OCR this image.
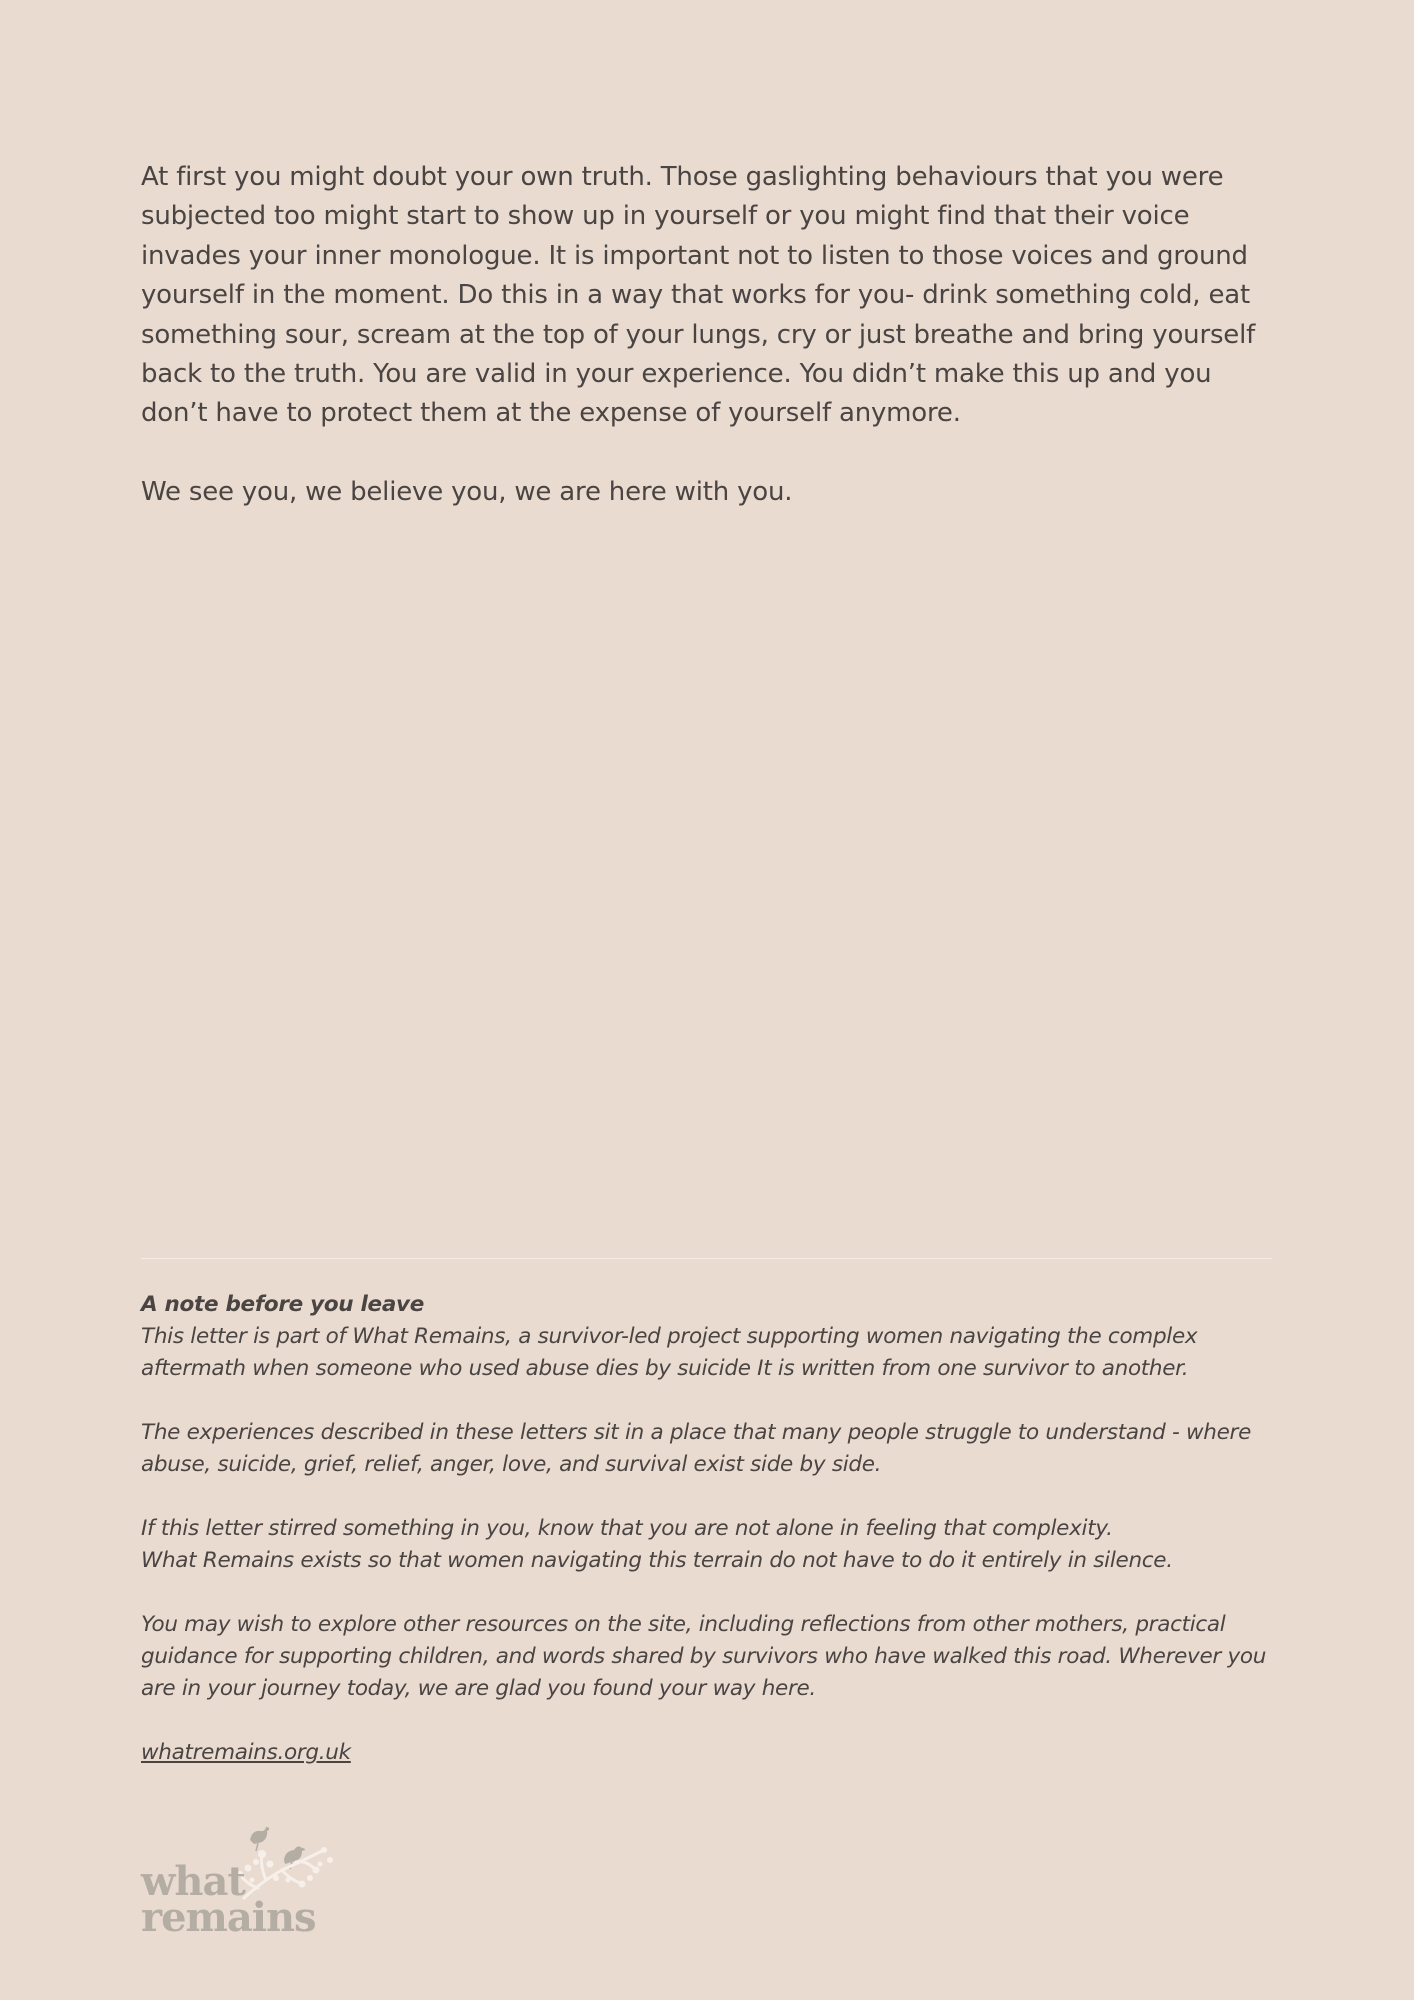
At first you might doubt your own truth. Those gaslighting behaviours that you were subjected too might start to show up in yourself or you might find that their voice invades your inner monologue. It is important not to listen to those voices and ground yourself in the moment. Do this in a way that works for you- drink something cold, eat something sour, scream at the top of your lungs, cry or just breathe and bring yourself back to the truth. You are valid in your experience. You didn’t make this up and you don’t have to protect them at the expense of yourself anymore.

We see you, we believe you, we are here with you.

A note before you leave

This letter is part of What Remains, a survivor-led project supporting women navigating the complex aftermath when someone who used abuse dies by suicide It is written from one survivor to another.

The experiences described in these letters sit in a place that many people struggle to understand - where abuse, suicide, grief, relief, anger, love, and survival exist side by side.

If this letter stirred something in you, know that you are not alone in feeling that complexity.

What Remains exists so that women navigating this terrain do not have to do it entirely in silence.

You may wish to explore other resources on the site, including reflections from other mothers, practical guidance for supporting children, and words shared by survivors who have walked this road. Wherever you are in your journey today, we are glad you found your way here.

whatremains.org.uk

what
remains
